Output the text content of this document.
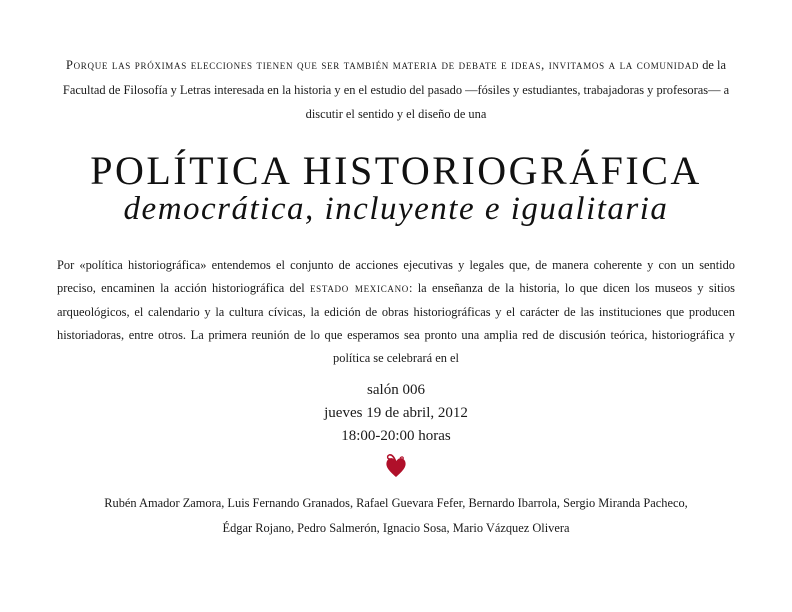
Porque las próximas elecciones tienen que ser también materia de debate e ideas, invitamos a la comunidad de la Facultad de Filosofía y Letras interesada en la historia y en el estudio del pasado —fósiles y estudiantes, trabajadoras y profesoras— a discutir el sentido y el diseño de una

POLÍTICA HISTORIOGRÁFICA
democrática, incluyente e igualitaria

Por «política historiográfica» entendemos el conjunto de acciones ejecutivas y legales que, de manera coherente y con un sentido preciso, encaminen la acción historiográfica del estado mexicano: la enseñanza de la historia, lo que dicen los museos y sitios arqueológicos, el calendario y la cultura cívicas, la edición de obras historiográficas y el carácter de las instituciones que producen historiadoras, entre otros. La primera reunión de lo que esperamos sea pronto una amplia red de discusión teórica, historiográfica y política se celebrará en el

salón 006
jueves 19 de abril, 2012
18:00-20:00 horas

Rubén Amador Zamora, Luis Fernando Granados, Rafael Guevara Fefer, Bernardo Ibarrola, Sergio Miranda Pacheco,

Édgar Rojano, Pedro Salmerón, Ignacio Sosa, Mario Vázquez Olivera
